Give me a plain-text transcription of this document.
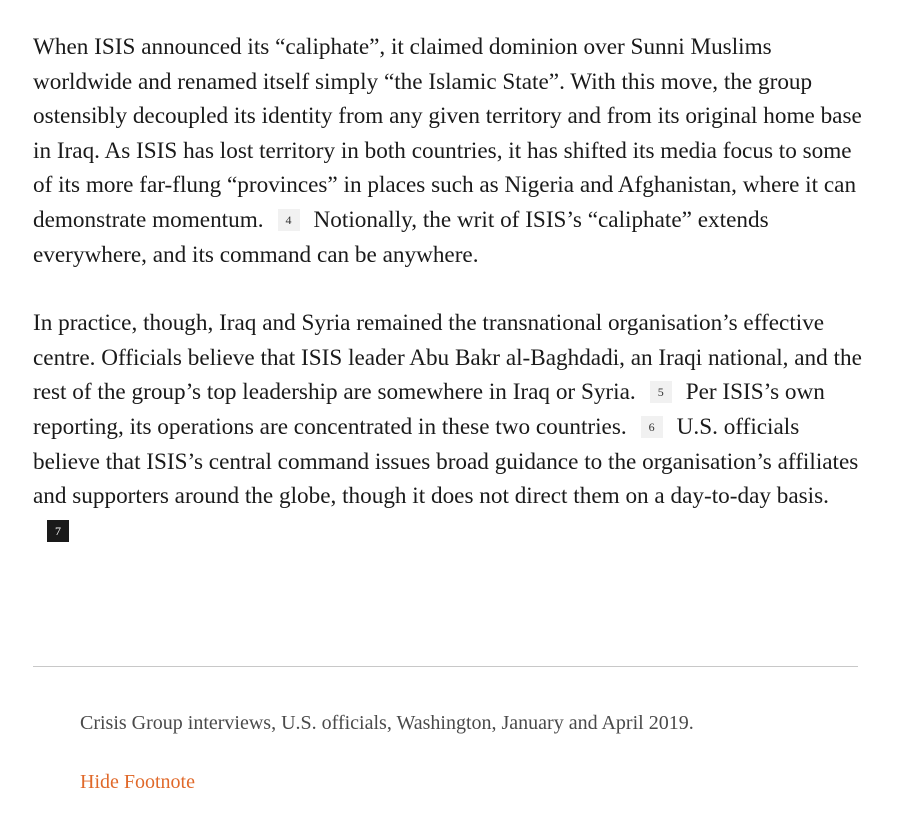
When ISIS announced its “caliphate”, it claimed dominion over Sunni Muslims worldwide and renamed itself simply “the Islamic State”. With this move, the group ostensibly decoupled its identity from any given territory and from its original home base in Iraq. As ISIS has lost territory in both countries, it has shifted its media focus to some of its more far-flung “provinces” in places such as Nigeria and Afghanistan, where it can demonstrate momentum. 4 Notionally, the writ of ISIS’s “caliphate” extends everywhere, and its command can be anywhere.

In practice, though, Iraq and Syria remained the transnational organisation’s effective centre. Officials believe that ISIS leader Abu Bakr al-Baghdadi, an Iraqi national, and the rest of the group’s top leadership are somewhere in Iraq or Syria. 5 Per ISIS’s own reporting, its operations are concentrated in these two countries. 6 U.S. officials believe that ISIS’s central command issues broad guidance to the organisation’s affiliates and supporters around the globe, though it does not direct them on a day-to-day basis.7

Crisis Group interviews, U.S. officials, Washington, January and April 2019.

Hide Footnote
